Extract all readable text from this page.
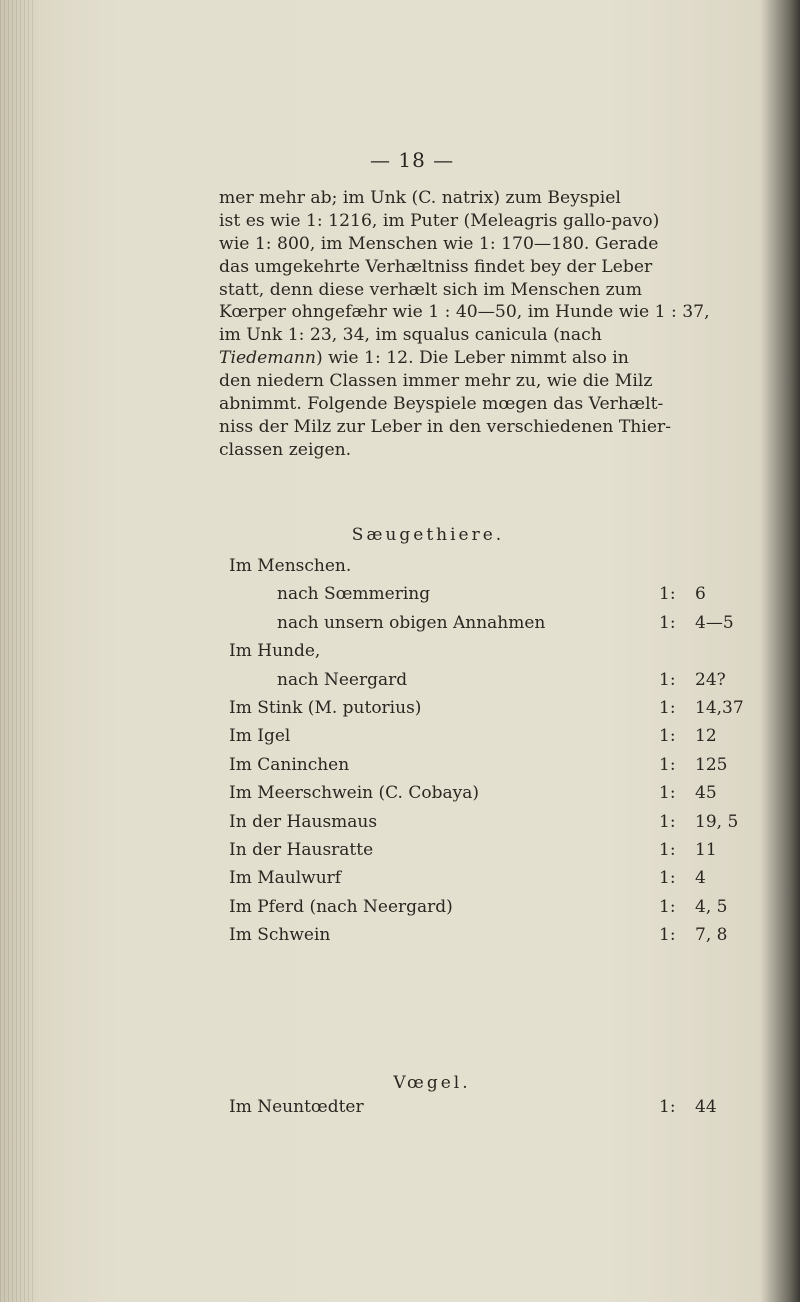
— 18 —

mer mehr ab; im Unk (C. natrix) zum Beyspiel
ist es wie 1: 1216, im Puter (Meleagris gallo-pavo)
wie 1: 800, im Menschen wie 1: 170—180. Gerade
das umgekehrte Verhæltniss findet bey der Leber
statt, denn diese verhælt sich im Menschen zum
Kœrper ohngefæhr wie 1 : 40—50, im Hunde wie 1 : 37,
im Unk 1: 23, 34, im squalus canicula (nach
Tiedemann) wie 1: 12. Die Leber nimmt also in
den niedern Classen immer mehr zu, wie die Milz
abnimmt. Folgende Beyspiele mœgen das Verhælt-
niss der Milz zur Leber in den verschiedenen Thier-
classen zeigen.

Sæugethiere.
Im Menschen.
nach Sœmmering	1: 6
nach unsern obigen Annahmen	1: 4—5
Im Hunde,
nach Neergard	1: 24?
Im Stink (M. putorius)	1: 14,37
Im Igel	1: 12
Im Caninchen	1: 125
Im Meerschwein (C. Cobaya)	1: 45
In der Hausmaus	1: 19, 5
In der Hausratte	1: 11
Im Maulwurf	1: 4
Im Pferd (nach Neergard)	1: 4, 5
Im Schwein	1: 7, 8
Im Neuntœdter	1: 44
Vœgel.
